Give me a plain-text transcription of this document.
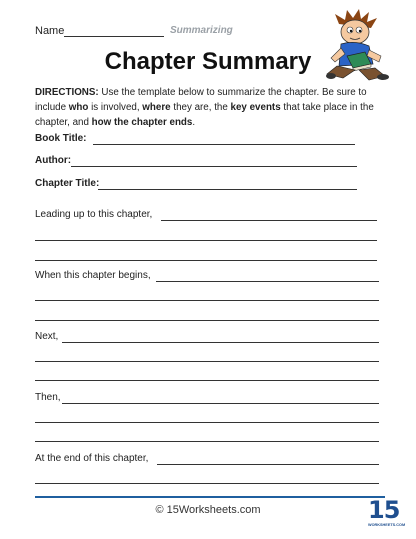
Name	Summarizing
Chapter Summary
DIRECTIONS: Use the template below to summarize the chapter. Be sure to include who is involved, where they are, the key events that take place in the chapter, and how the chapter ends.
Book Title:
Author:
Chapter Title:
Leading up to this chapter,
When this chapter begins,
Next,
Then,
At the end of this chapter,
© 15Worksheets.com	15
WORKSHEETS.COM
